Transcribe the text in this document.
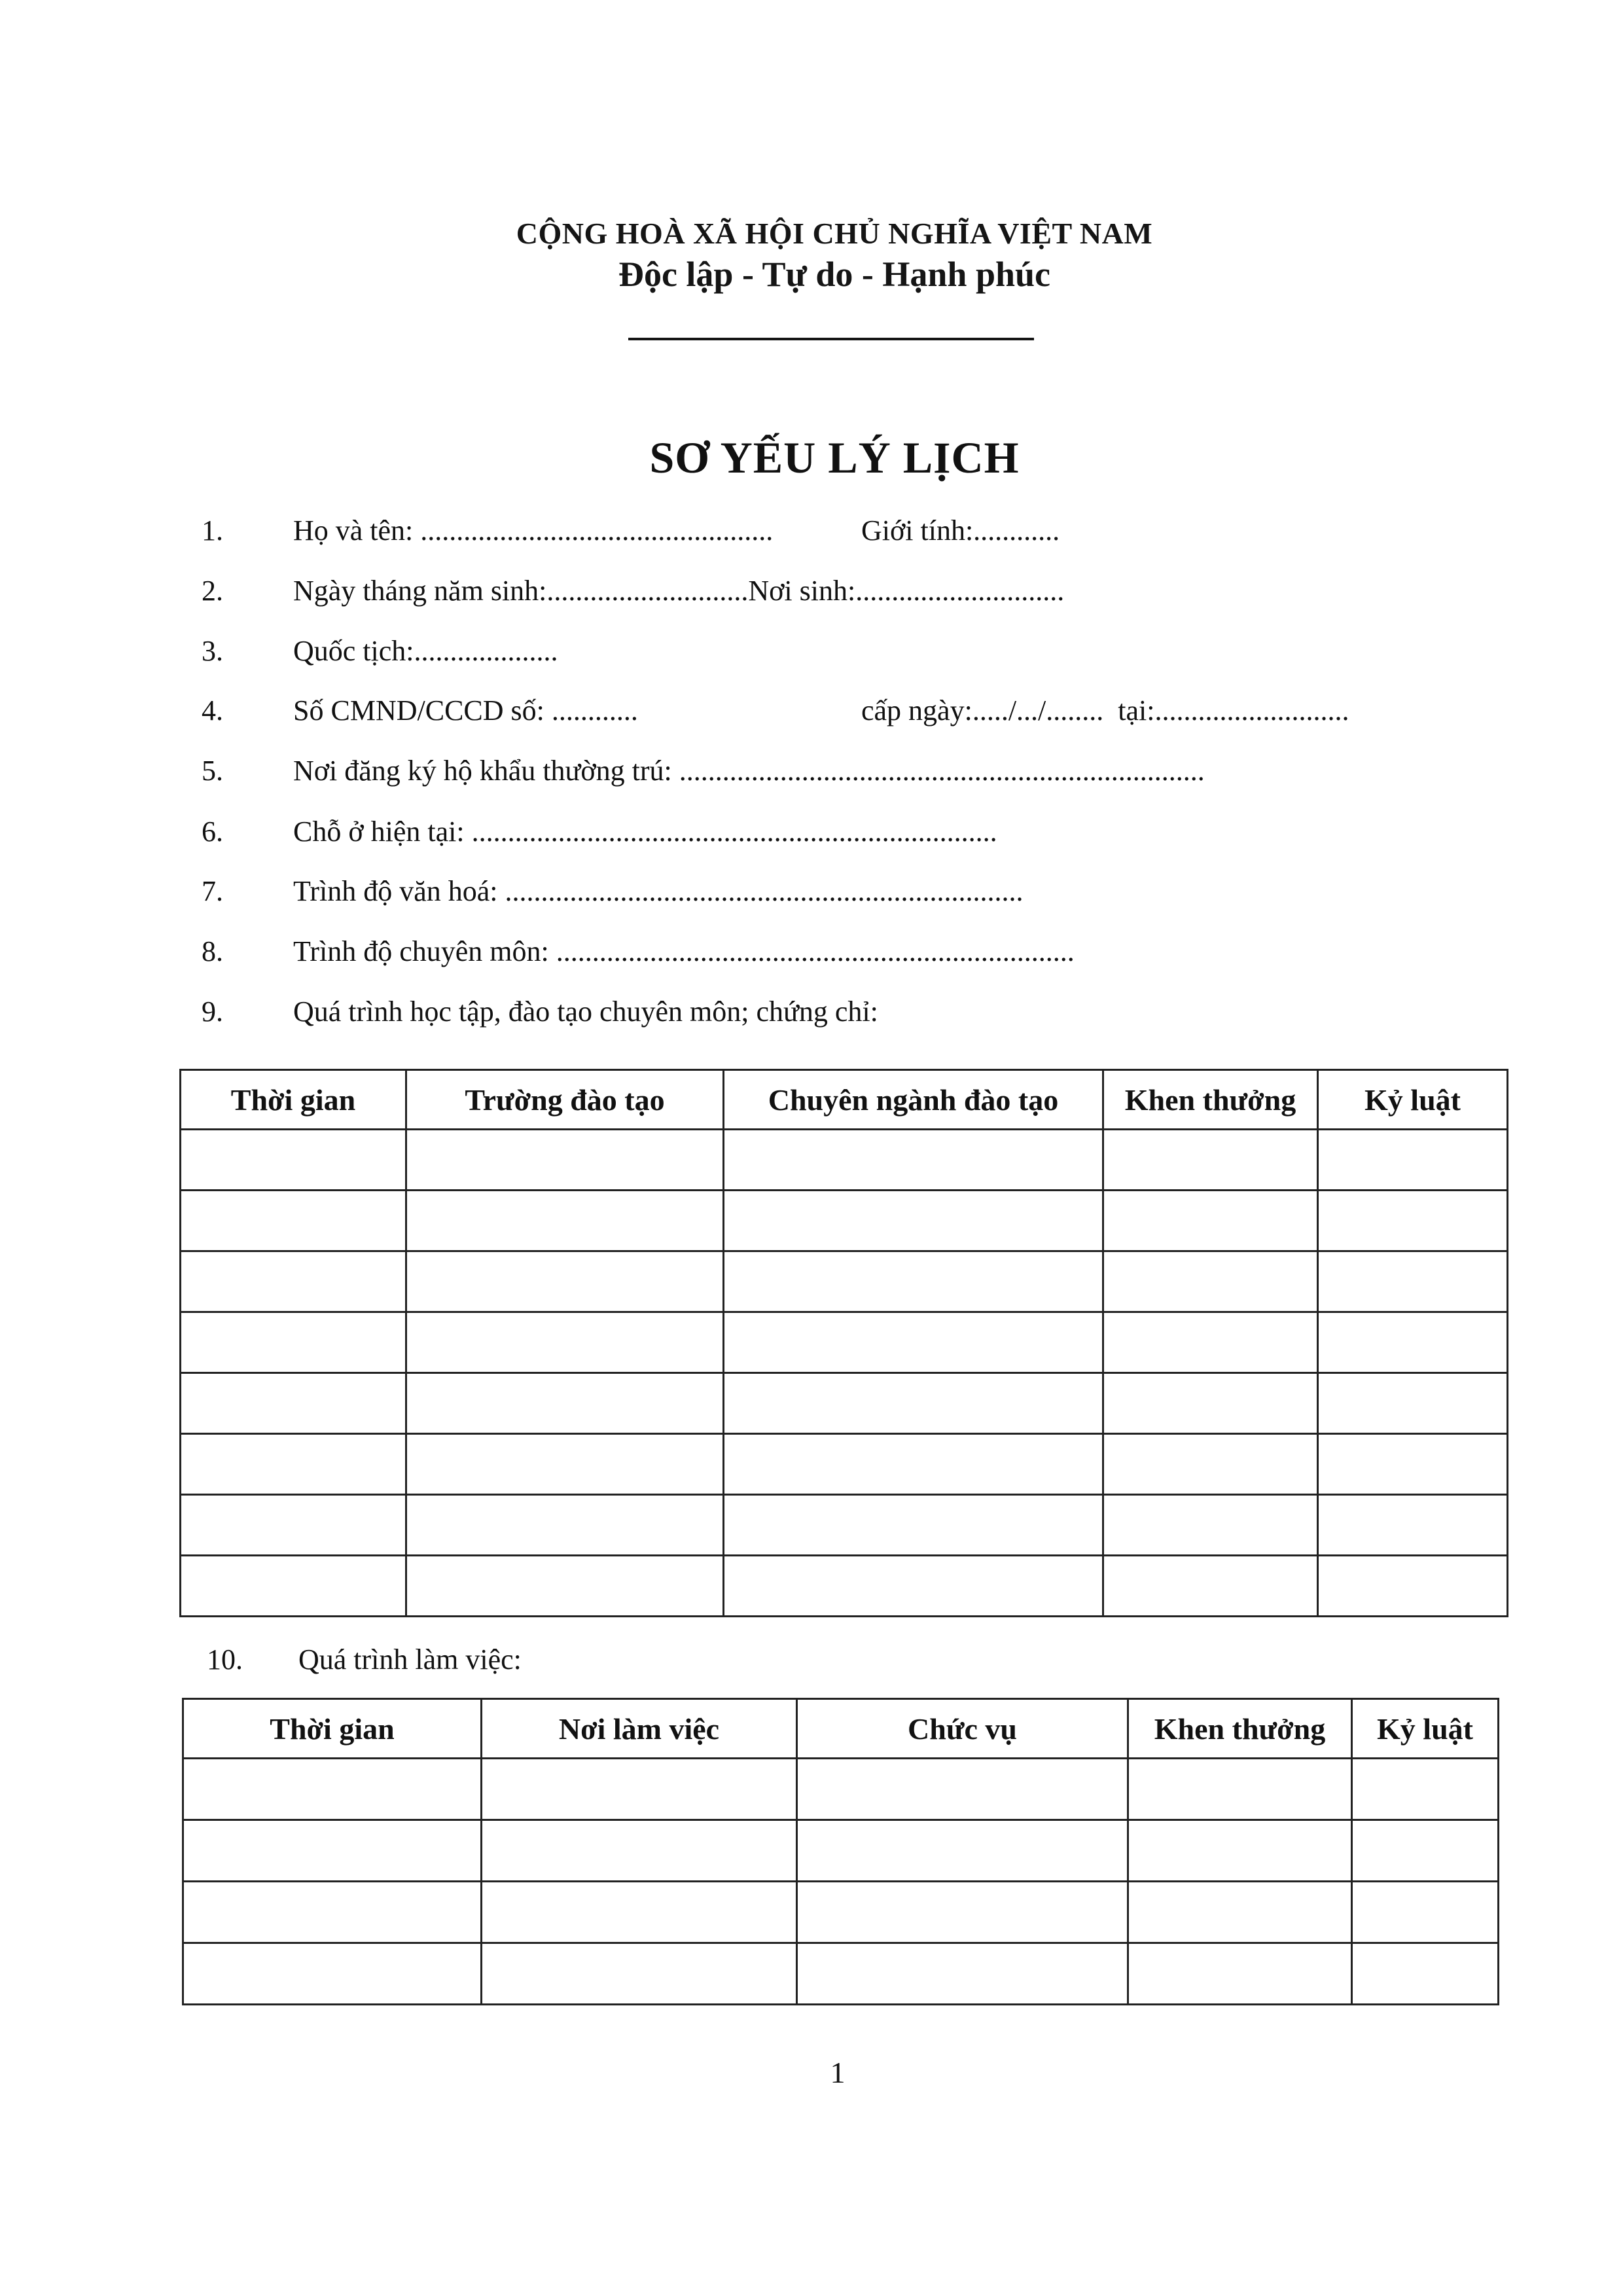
CỘNG HOÀ XÃ HỘI CHỦ NGHĨA VIỆT NAM
Độc lập - Tự do - Hạnh phúc
SƠ YẾU LÝ LỊCH
1. Họ và tên: .................................................	Giới tính:............
2. Ngày tháng năm sinh:............................Nơi sinh:.............................
3. Quốc tịch:....................
4. Số CMND/CCCD số: ............	cấp ngày:...../.../........  tại:...........................
5. Nơi đăng ký hộ khẩu thường trú: .........................................................................
6. Chỗ ở hiện tại: .........................................................................
7. Trình độ văn hoá: ........................................................................
8. Trình độ chuyên môn: ........................................................................
9. Quá trình học tập, đào tạo chuyên môn; chứng chỉ:
Thời gian	Trường đào tạo	Chuyên ngành đào tạo	Khen thưởng	Kỷ luật

10. Quá trình làm việc:
Thời gian	Nơi làm việc	Chức vụ	Khen thưởng	Kỷ luật

1
